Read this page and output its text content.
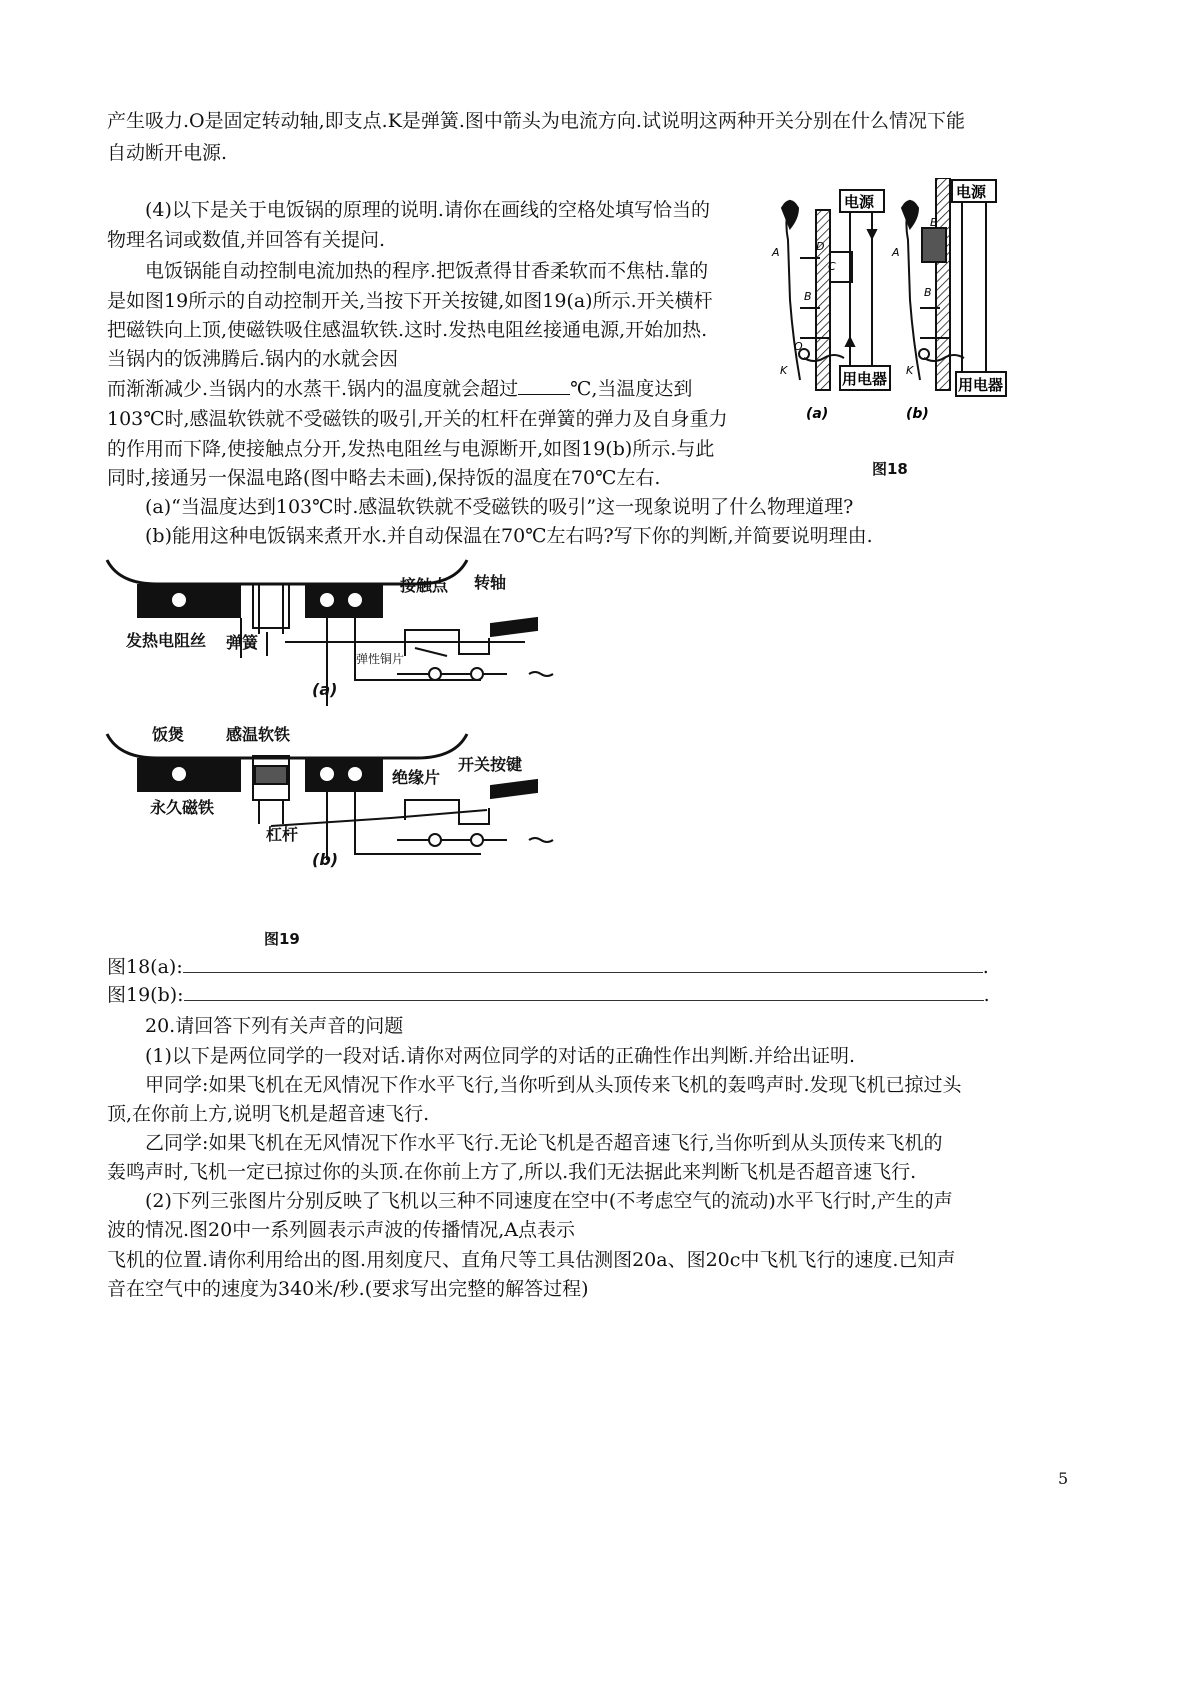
产生吸力.O是固定转动轴,即支点.K是弹簧.图中箭头为电流方向.试说明这两种开关分别在什么情况下能
自动断开电源.
(4)以下是关于电饭锅的原理的说明.请你在画线的空格处填写恰当的
物理名词或数值,并回答有关提问.
电饭锅能自动控制电流加热的程序.把饭煮得甘香柔软而不焦枯.靠的
是如图19所示的自动控制开关,当按下开关按键,如图19(a)所示.开关横杆
把磁铁向上顶,使磁铁吸住感温软铁.这时.发热电阻丝接通电源,开始加热.
当锅内的饭沸腾后.锅内的水就会因
而渐渐减少.当锅内的水蒸干.锅内的温度就会超过	℃,当温度达到
103℃时,感温软铁就不受磁铁的吸引,开关的杠杆在弹簧的弹力及自身重力
的作用而下降,使接触点分开,发热电阻丝与电源断开,如图19(b)所示.与此
同时,接通另一保温电路(图中略去未画),保持饭的温度在70℃左右.
(a)“当温度达到103℃时.感温软铁就不受磁铁的吸引”这一现象说明了什么物理道理?
(b)能用这种电饭锅来煮开水.并自动保温在70℃左右吗?写下你的判断,并简要说明理由.
电源
用电器
A	D
C
B
O
K
(a)
电源
用电器
A
E
B
K
(b)
图18
发热电阻丝 弹簧
接触点 转轴
弹性铜片
(a)
饭煲	感温软铁
永久磁铁
杠杆
绝缘片
开关按键
(b)
图19
图18(a):	.
图19(b):	.
20.请回答下列有关声音的问题
(1)以下是两位同学的一段对话.请你对两位同学的对话的正确性作出判断.并给出证明.
甲同学:如果飞机在无风情况下作水平飞行,当你听到从头顶传来飞机的轰鸣声时.发现飞机已掠过头
顶,在你前上方,说明飞机是超音速飞行.
乙同学:如果飞机在无风情况下作水平飞行.无论飞机是否超音速飞行,当你听到从头顶传来飞机的
轰鸣声时,飞机一定已掠过你的头顶.在你前上方了,所以.我们无法据此来判断飞机是否超音速飞行.
(2)下列三张图片分别反映了飞机以三种不同速度在空中(不考虑空气的流动)水平飞行时,产生的声
波的情况.图20中一系列圆表示声波的传播情况,A点表示
飞机的位置.请你利用给出的图.用刻度尺、直角尺等工具估测图20a、图20c中飞机飞行的速度.已知声
音在空气中的速度为340米/秒.(要求写出完整的解答过程)
5
